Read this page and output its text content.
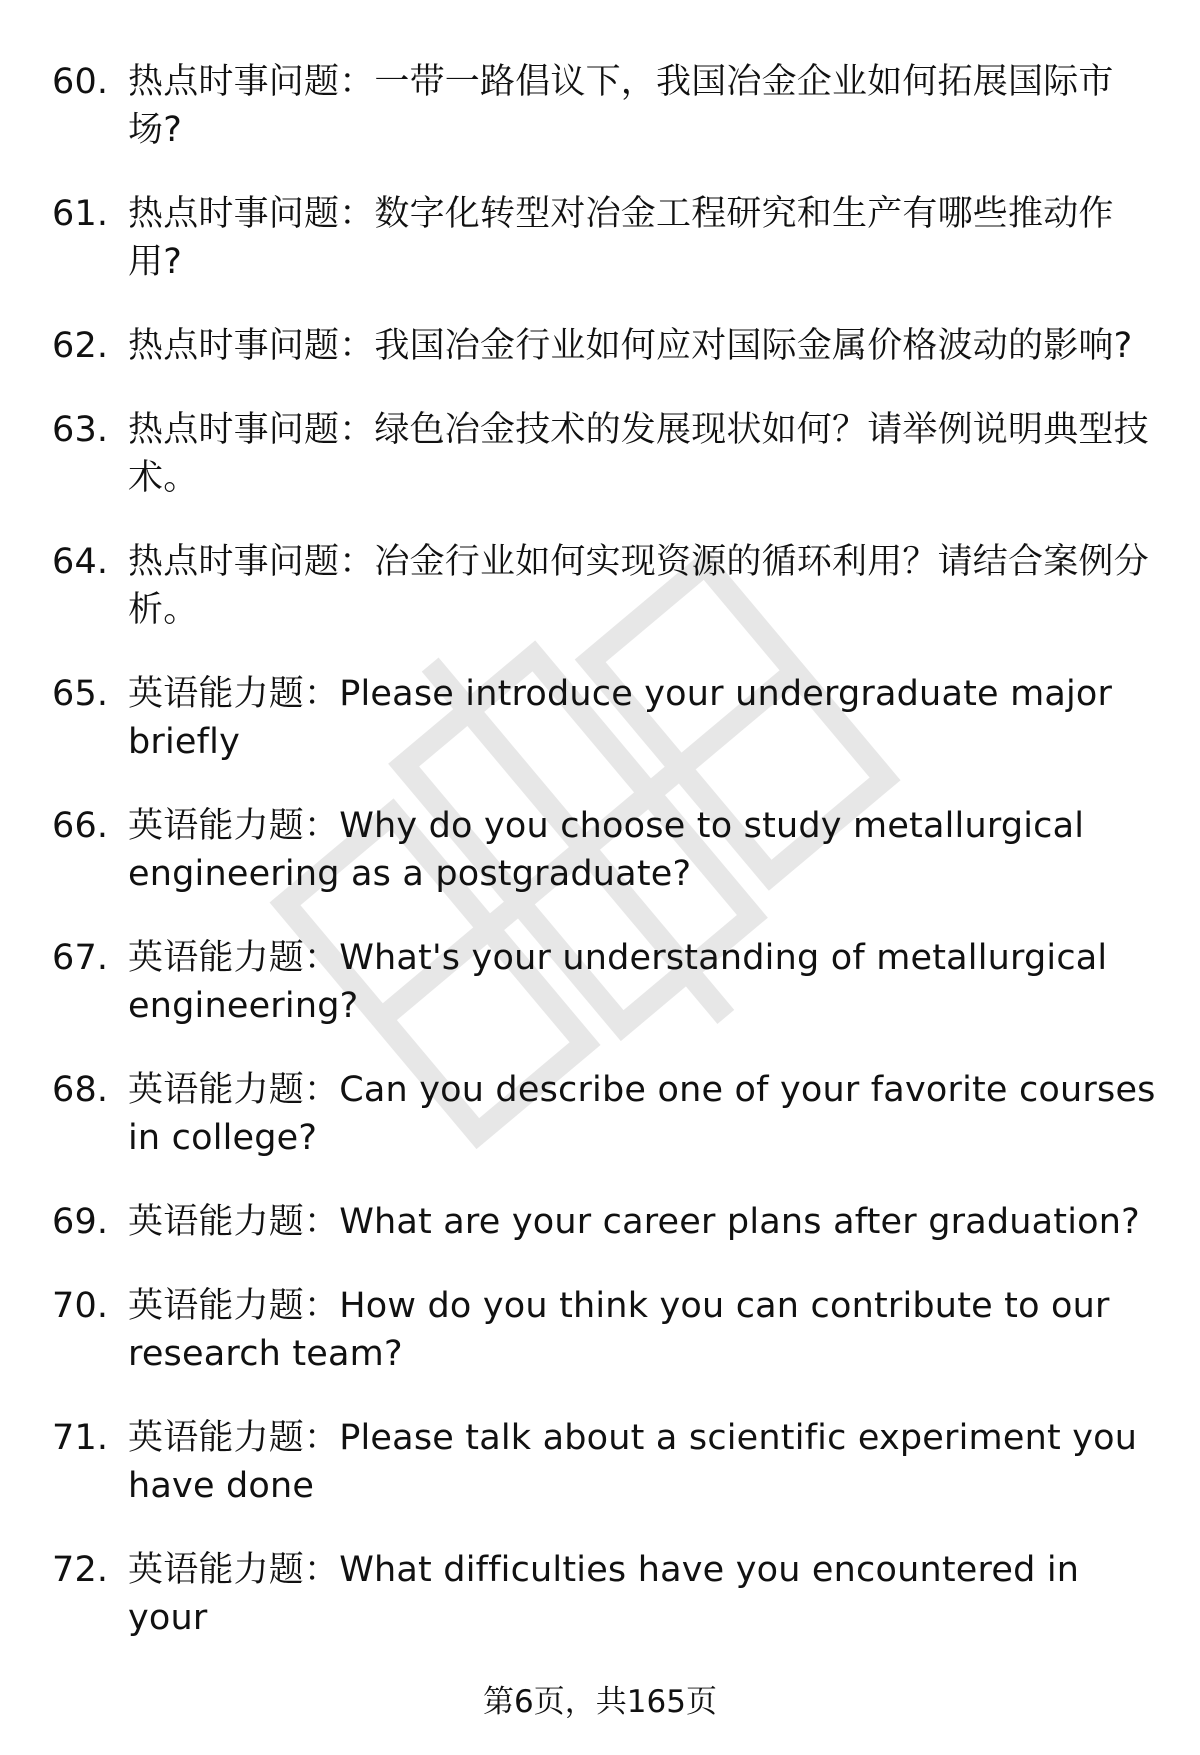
60. 热点时事问题：一带一路倡议下，我国冶金企业如何拓展国际市场?
61. 热点时事问题：数字化转型对冶金工程研究和生产有哪些推动作用?
62. 热点时事问题：我国冶金行业如何应对国际金属价格波动的影响?
63. 热点时事问题：绿色冶金技术的发展现状如何？请举例说明典型技术。
64. 热点时事问题：冶金行业如何实现资源的循环利用？请结合案例分析。
65. 英语能力题：Please introduce your undergraduate major briefly
66. 英语能力题：Why do you choose to study metallurgical engineering as a postgraduate?
67. 英语能力题：What's your understanding of metallurgical engineering?
68. 英语能力题：Can you describe one of your favorite courses in college?
69. 英语能力题：What are your career plans after graduation?
70. 英语能力题：How do you think you can contribute to our research team?
71. 英语能力题：Please talk about a scientific experiment you have done
72. 英语能力题：What difficulties have you encountered in your
第6页，共165页
